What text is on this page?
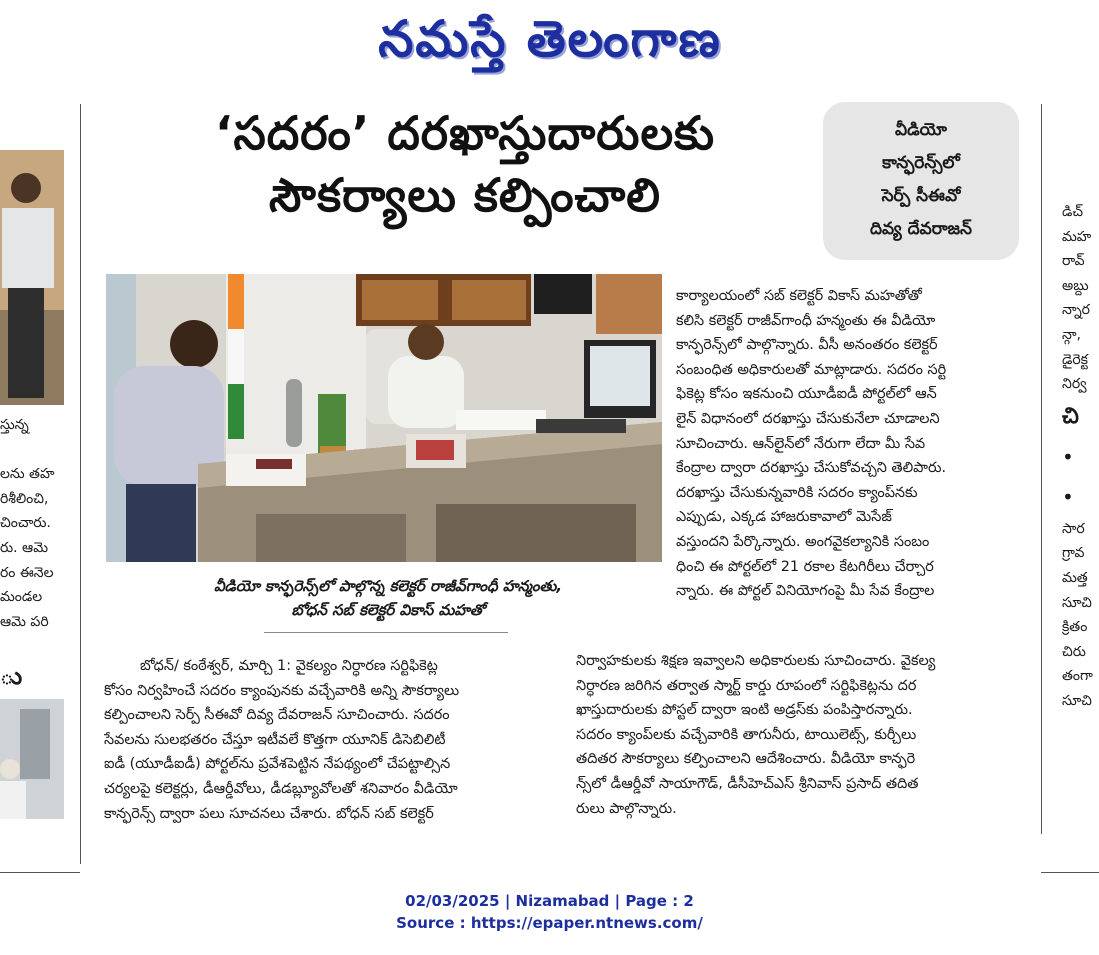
నమస్తే తెలంగాణ
స్తున్న

లను తహ
రిశీలించి,
చించారు.
రు. ఆమె
రం ఈనెల
మండల
ఆమె పరి

ు
డిచ్
మహ
రావ్
అబ్దు
న్నార
న్గా,
డైరెక్ట
నిర్వ
చి
•
•
సార
గ్రావ
మత్త
సూచి
క్రితం
చిరు
తంగా
సూచి
‘సదరం’ దరఖాస్తుదారులకు
సౌకర్యాలు కల్పించాలి
వీడియో
కాన్ఫరెన్స్‌లో
సెర్ప్ సీఈవో
దివ్య దేవరాజన్
వీడియో కాన్ఫరెన్స్‌లో పాల్గొన్న కలెక్టర్ రాజీవ్‌గాంధీ హన్మంతు,
బోధన్ సబ్ కలెక్టర్ వికాస్ మహతో
కార్యాలయంలో సబ్ కలెక్టర్ వికాస్ మహతోతో
కలిసి కలెక్టర్ రాజీవ్‌గాంధీ హన్మంతు ఈ వీడియో
కాన్ఫరెన్స్‌లో పాల్గొన్నారు. వీసీ అనంతరం కలెక్టర్
సంబంధిత అధికారులతో మాట్లాడారు. సదరం సర్టి
ఫికెట్ల కోసం ఇకనుంచి యూడీఐడీ పోర్టల్‌లో ఆన్
లైన్ విధానంలో దరఖాస్తు చేసుకునేలా చూడాలని
సూచించారు. ఆన్‌లైన్‌లో నేరుగా లేదా మీ సేవ
కేంద్రాల ద్వారా దరఖాస్తు చేసుకోవచ్చని తెలిపారు.
దరఖాస్తు చేసుకున్నవారికి సదరం క్యాంప్‌నకు
ఎప్పుడు, ఎక్కడ హాజరుకావాలో మెసేజ్
వస్తుందని పేర్కొన్నారు. అంగవైకల్యానికి సంబం
ధించి ఈ పోర్టల్‌లో 21 రకాల కేటగిరీలు చేర్చార
న్నారు. ఈ పోర్టల్ వినియోగంపై మీ సేవ కేంద్రాల
బోధన్/ కంఠేశ్వర్, మార్చి 1: వైకల్యం నిర్ధారణ సర్టిఫికెట్ల
కోసం నిర్వహించే సదరం క్యాంపునకు వచ్చేవారికి అన్ని సౌకర్యాలు
కల్పించాలని సెర్ప్ సీఈవో దివ్య దేవరాజన్ సూచించారు. సదరం
సేవలను సులభతరం చేస్తూ ఇటీవలే కొత్తగా యూనిక్ డిసెబిలిటీ
ఐడీ (యూడీఐడీ) పోర్టల్‌ను ప్రవేశపెట్టిన నేపథ్యంలో చేపట్టాల్సిన
చర్యలపై కలెక్టర్లు, డీఆర్డీవోలు, డీడబ్ల్యూవోలతో శనివారం వీడియో
కాన్ఫరెన్స్ ద్వారా పలు సూచనలు చేశారు. బోధన్ సబ్ కలెక్టర్
నిర్వాహకులకు శిక్షణ ఇవ్వాలని అధికారులకు సూచించారు. వైకల్య
నిర్ధారణ జరిగిన తర్వాత స్మార్ట్ కార్డు రూపంలో సర్టిఫికెట్లను దర
ఖాస్తుదారులకు పోస్టల్ ద్వారా ఇంటి అడ్రస్‌కు పంపిస్తారన్నారు.
సదరం క్యాంప్‌లకు వచ్చేవారికి తాగునీరు, టాయిలెట్స్, కుర్చీలు
తదితర సౌకర్యాలు కల్పించాలని ఆదేశించారు. వీడియో కాన్ఫరె
న్స్‌లో డీఆర్డీవో సాయాగౌడ్, డీసీహెచ్‌ఎస్ శ్రీనివాస్ ప్రసాద్ తదిత
రులు పాల్గొన్నారు.
02/03/2025 | Nizamabad | Page : 2
Source : https://epaper.ntnews.com/
